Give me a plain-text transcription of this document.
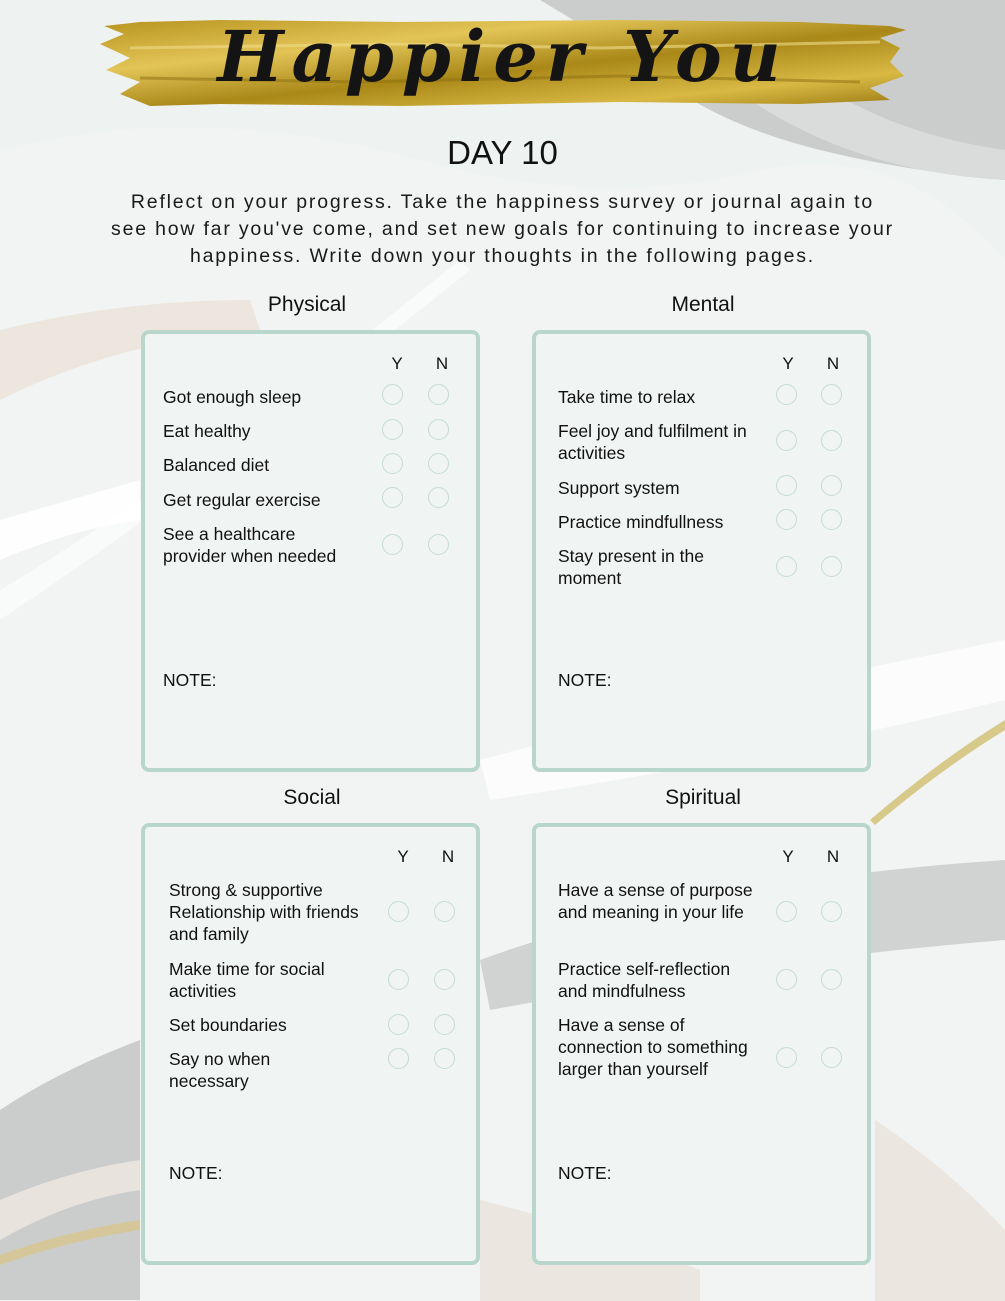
Happier You
DAY 10
Reflect on your progress. Take the happiness survey or journal again to see how far you've come, and set new goals for continuing to increase your happiness. Write down your thoughts in the following pages.
Physical
Y N
Got enough sleep
Eat healthy
Balanced diet
Get regular exercise
See a healthcare provider when needed
NOTE:
Mental
Y N
Take time to relax
Feel joy and fulfilment in activities
Support system
Practice mindfullness
Stay present in the moment
NOTE:
Social
Y N
Strong & supportive Relationship with friends and family
Make time for social activities
Set boundaries
Say no when necessary
NOTE:
Spiritual
Y N
Have a sense of purpose and meaning in your life
Practice self-reflection and mindfulness
Have a sense of connection to something larger than yourself
NOTE:
